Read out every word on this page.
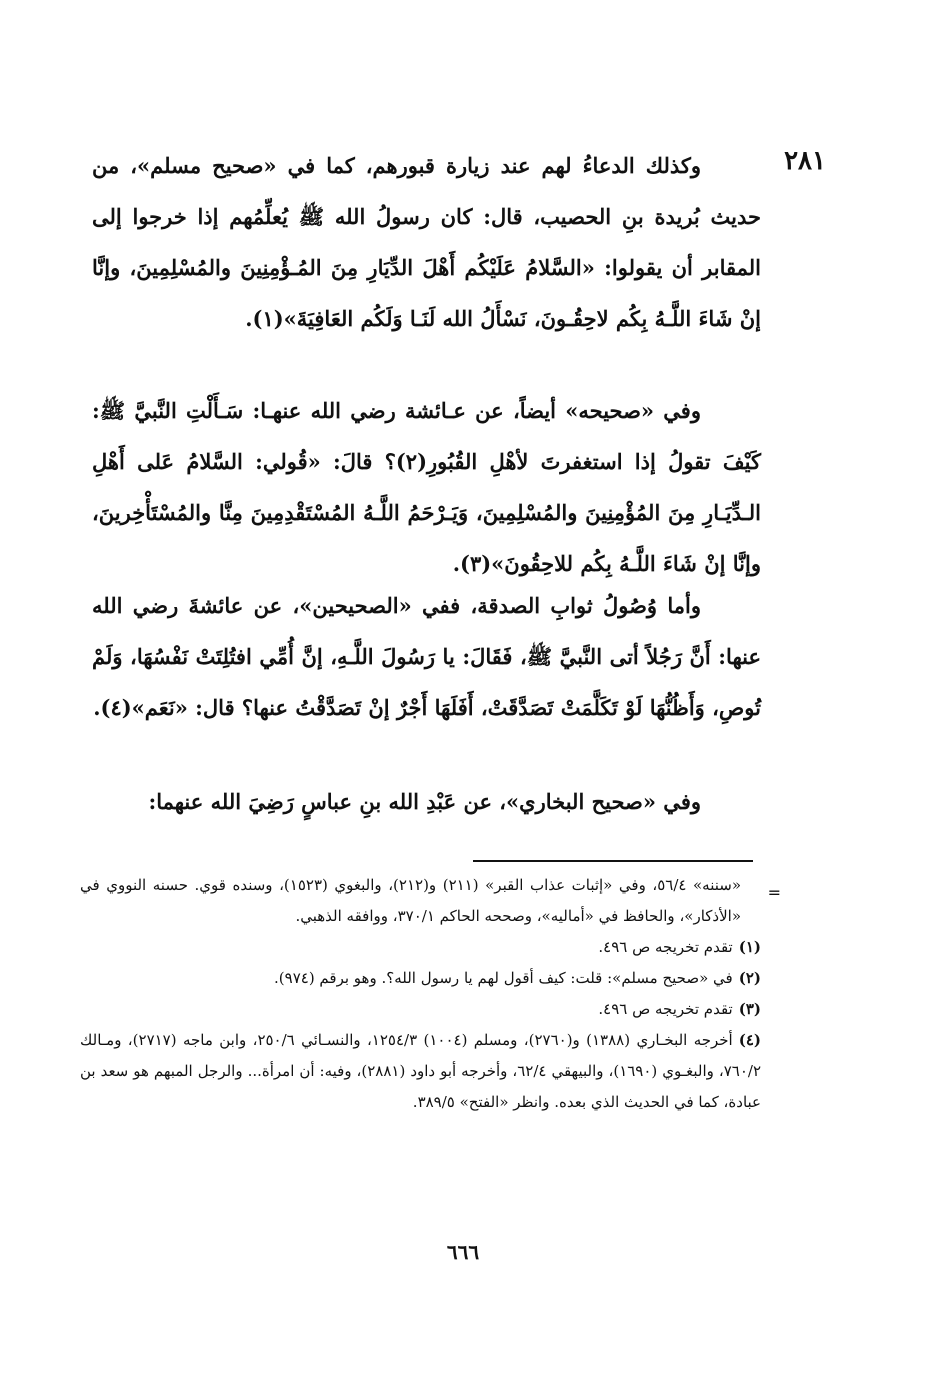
٢٨١

وكذلك الدعاءُ لهم عند زيارة قبورهم، كما في «صحيح مسلم»، من حديث بُريدة بنِ الحصيب، قال: كان رسولُ الله ﷺ يُعلِّمُهم إذا خرجوا إلى المقابر أن يقولوا: «السَّلامُ عَلَيْكُم أَهْلَ الدِّيَارِ مِنَ المُـؤْمِنِينَ والمُسْلِمِينَ، وإنَّا إنْ شَاءَ اللَّـهُ بِكُم لاحِقُـونَ، نَسْأَلُ الله لَنَـا وَلَكُم العَافِيَةَ»(١).

وفي «صحيحه» أيضاً، عن عـائشة رضي الله عنهـا: سَـأَلْتِ النَّبيَّ ﷺ: كَيْفَ تقولُ إذا استغفرتَ لأهْلِ القُبُورِ(٢)؟ قالَ: «قُولي: السَّلامُ عَلى أَهْلِ الـدِّيَـارِ مِنَ المُؤْمِنِينَ والمُسْلِمِينَ، وَيَـرْحَمُ اللَّـهُ المُسْتَقْدِمِينَ مِنَّا والمُسْتَأْخِرينَ، وإنَّا إنْ شَاءَ اللَّـهُ بِكُم للاحِقُونَ»(٣).

وأما وُصُولُ ثوابِ الصدقة، ففي «الصحيحين»، عن عائشةَ رضي الله عنها: أَنَّ رَجُلاً أتى النَّبيَّ ﷺ، فَقَالَ: يا رَسُولَ اللَّـهِ، إنَّ أُمِّي افتُلِتَتْ نَفْسُهَا، وَلَمْ تُوصِ، وَأَظُنُّهَا لَوْ تَكَلَّمَتْ تَصَدَّقَتْ، أَفَلَهَا أَجْرٌ إنْ تَصَدَّقْتُ عنها؟ قال: «نَعَم»(٤).

وفي «صحيح البخاري»، عن عَبْدِ الله بنِ عباسٍ رَضِيَ الله عنهما:

=

«سننه» ٥٦/٤، وفي «إثبات عذاب القبر» (٢١١) و(٢١٢)، والبغوي (١٥٢٣)، وسنده قوي. حسنه النووي في «الأذكار»، والحافظ في «أماليه»، وصححه الحاكم ٣٧٠/١، ووافقه الذهبي.

(١)تقدم تخريجه ص ٤٩٦.

(٢)في «صحيح مسلم»: قلت: كيف أقول لهم يا رسول الله؟. وهو برقم (٩٧٤).

(٣)تقدم تخريجه ص ٤٩٦.

(٤)أخرجه البخـاري (١٣٨٨) و(٢٧٦٠)، ومسلم (١٠٠٤) ١٢٥٤/٣، والنسـائي ٢٥٠/٦، وابن ماجه (٢٧١٧)، ومـالك ٧٦٠/٢، والبغـوي (١٦٩٠)، والبيهقي ٦٢/٤، وأخرجه أبو داود (٢٨٨١)، وفيه: أن امرأة... والرجل المبهم هو سعد بن عبادة، كما في الحديث الذي بعده. وانظر «الفتح» ٣٨٩/٥.

٦٦٦
